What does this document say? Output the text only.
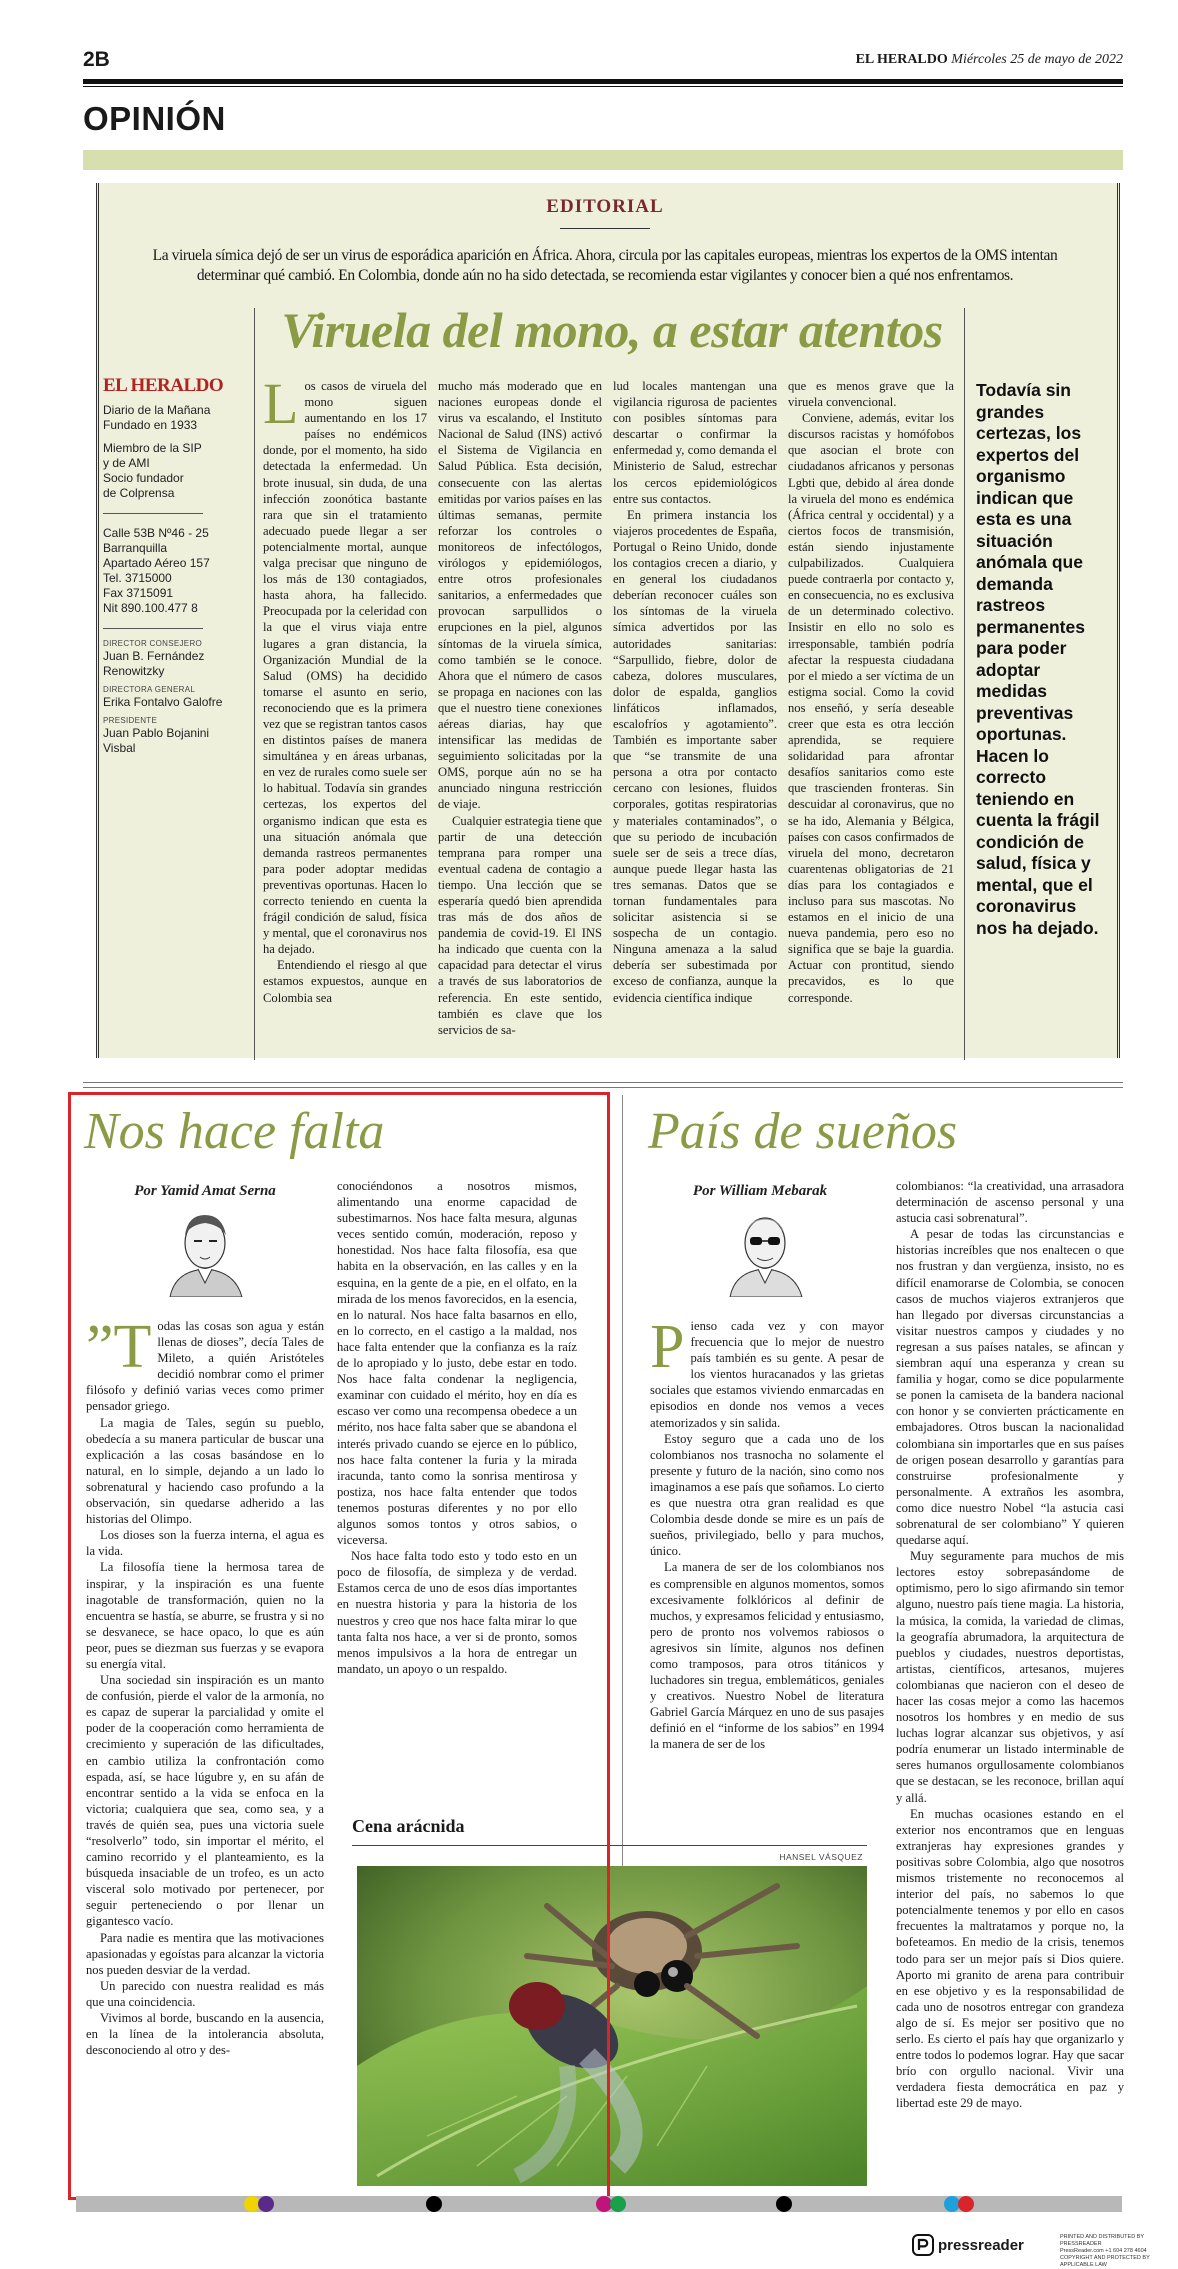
2B	EL HERALDO Miércoles 25 de mayo de 2022
OPINIÓN
EDITORIAL
La viruela símica dejó de ser un virus de esporádica aparición en África. Ahora, circula por las capitales europeas, mientras los expertos de la OMS intentan determinar qué cambió. En Colombia, donde aún no ha sido detectada, se recomienda estar vigilantes y conocer bien a qué nos enfrentamos.
Viruela del mono, a estar atentos
EL HERALDO
Diario de la Mañana
Fundado en 1933
Miembro de la SIP
y de AMI
Socio fundador
de Colprensa
Calle 53B Nº46 - 25
Barranquilla
Apartado Aéreo 157
Tel. 3715000
Fax 3715091
Nit 890.100.477 8
DIRECTOR CONSEJERO
Juan B. Fernández
Renowitzky
DIRECTORA GENERAL
Erika Fontalvo Galofre
PRESIDENTE
Juan Pablo Bojanini
Visbal
L os casos de viruela del mono siguen aumentando en los 17 países no endémicos donde, por el momento, ha sido detectada la enfermedad. Un brote inusual, sin duda, de una infección zoonótica bastante rara que sin el tratamiento adecuado puede llegar a ser potencialmente mortal, aunque valga precisar que ninguno de los más de 130 contagiados, hasta ahora, ha fallecido. Preocupada por la celeridad con la que el virus viaja entre lugares a gran distancia, la Organización Mundial de la Salud (OMS) ha decidido tomarse el asunto en serio, reconociendo que es la primera vez que se registran tantos casos en distintos países de manera simultánea y en áreas urbanas, en vez de rurales como suele ser lo habitual. Todavía sin grandes certezas, los expertos del organismo indican que esta es una situación anómala que demanda rastreos permanentes para poder adoptar medidas preventivas oportunas. Hacen lo correcto teniendo en cuenta la frágil condición de salud, física y mental, que el coronavirus nos ha dejado.

Entendiendo el riesgo al que estamos expuestos, aunque en Colombia sea

mucho más moderado que en naciones europeas donde el virus va escalando, el Instituto Nacional de Salud (INS) activó el Sistema de Vigilancia en Salud Pública. Esta decisión, consecuente con las alertas emitidas por varios países en las últimas semanas, permite reforzar los controles o monitoreos de infectólogos, virólogos y epidemiólogos, entre otros profesionales sanitarios, a enfermedades que provocan sarpullidos o erupciones en la piel, algunos síntomas de la viruela símica, como también se le conoce. Ahora que el número de casos se propaga en naciones con las que el nuestro tiene conexiones aéreas diarias, hay que intensificar las medidas de seguimiento solicitadas por la OMS, porque aún no se ha anunciado ninguna restricción de viaje.

Cualquier estrategia tiene que partir de una detección temprana para romper una eventual cadena de contagio a tiempo. Una lección que se esperaría quedó bien aprendida tras más de dos años de pandemia de covid-19. El INS ha indicado que cuenta con la capacidad para detectar el virus a través de sus laboratorios de referencia. En este sentido, también es clave que los servicios de sa-

lud locales mantengan una vigilancia rigurosa de pacientes con posibles síntomas para descartar o confirmar la enfermedad y, como demanda el Ministerio de Salud, estrechar los cercos epidemiológicos entre sus contactos.

En primera instancia los viajeros procedentes de España, Portugal o Reino Unido, donde los contagios crecen a diario, y en general los ciudadanos deberían reconocer cuáles son los síntomas de la viruela símica advertidos por las autoridades sanitarias: “Sarpullido, fiebre, dolor de cabeza, dolores musculares, dolor de espalda, ganglios linfáticos inflamados, escalofríos y agotamiento”. También es importante saber que “se transmite de una persona a otra por contacto cercano con lesiones, fluidos corporales, gotitas respiratorias y materiales contaminados”, o que su periodo de incubación suele ser de seis a trece días, aunque puede llegar hasta las tres semanas. Datos que se tornan fundamentales para solicitar asistencia si se sospecha de un contagio. Ninguna amenaza a la salud debería ser subestimada por exceso de confianza, aunque la evidencia científica indique

que es menos grave que la viruela convencional.

Conviene, además, evitar los discursos racistas y homófobos que asocian el brote con ciudadanos africanos y personas Lgbti que, debido al área donde la viruela del mono es endémica (África central y occidental) y a ciertos focos de transmisión, están siendo injustamente culpabilizados. Cualquiera puede contraerla por contacto y, en consecuencia, no es exclusiva de un determinado colectivo. Insistir en ello no solo es irresponsable, también podría afectar la respuesta ciudadana por el miedo a ser víctima de un estigma social. Como la covid nos enseñó, y sería deseable creer que esta es otra lección aprendida, se requiere solidaridad para afrontar desafíos sanitarios como este que trascienden fronteras. Sin descuidar al coronavirus, que no se ha ido, Alemania y Bélgica, países con casos confirmados de viruela del mono, decretaron cuarentenas obligatorias de 21 días para los contagiados e incluso para sus mascotas. No estamos en el inicio de una nueva pandemia, pero eso no significa que se baje la guardia. Actuar con prontitud, siendo precavidos, es lo que corresponde.

Todavía sin grandes certezas, los expertos del organismo indican que esta es una situación anómala que demanda rastreos permanentes para poder adoptar medidas preventivas oportunas. Hacen lo correcto teniendo en cuenta la frágil condición de salud, física y mental, que el coronavirus nos ha dejado.
Nos hace falta
Por Yamid Amat Serna
”T odas las cosas son agua y están llenas de dioses”, decía Tales de Mileto, a quién Aristóteles decidió nombrar como el primer filósofo y definió varias veces como primer pensador griego.

La magia de Tales, según su pueblo, obedecía a su manera particular de buscar una explicación a las cosas basándose en lo natural, en lo simple, dejando a un lado lo sobrenatural y haciendo caso profundo a la observación, sin quedarse adherido a las historias del Olimpo.

Los dioses son la fuerza interna, el agua es la vida.

La filosofía tiene la hermosa tarea de inspirar, y la inspiración es una fuente inagotable de transformación, quien no la encuentra se hastía, se aburre, se frustra y si no se desvanece, se hace opaco, lo que es aún peor, pues se diezman sus fuerzas y se evapora su energía vital.

Una sociedad sin inspiración es un manto de confusión, pierde el valor de la armonía, no es capaz de superar la parcialidad y omite el poder de la cooperación como herramienta de crecimiento y superación de las dificultades, en cambio utiliza la confrontación como espada, así, se hace lúgubre y, en su afán de encontrar sentido a la vida se enfoca en la victoria; cualquiera que sea, como sea, y a través de quién sea, pues una victoria suele “resolverlo” todo, sin importar el mérito, el camino recorrido y el planteamiento, es la búsqueda insaciable de un trofeo, es un acto visceral solo motivado por pertenecer, por seguir perteneciendo o por llenar un gigantesco vacío.

Para nadie es mentira que las motivaciones apasionadas y egoístas para alcanzar la victoria nos pueden desviar de la verdad.

Un parecido con nuestra realidad es más que una coincidencia.

Vivimos al borde, buscando en la ausencia, en la línea de la intolerancia absoluta, desconociendo al otro y des-

conociéndonos a nosotros mismos, alimentando una enorme capacidad de subestimarnos. Nos hace falta mesura, algunas veces sentido común, moderación, reposo y honestidad. Nos hace falta filosofía, esa que habita en la observación, en las calles y en la esquina, en la gente de a pie, en el olfato, en la mirada de los menos favorecidos, en la esencia, en lo natural. Nos hace falta basarnos en ello, en lo correcto, en el castigo a la maldad, nos hace falta entender que la confianza es la raíz de lo apropiado y lo justo, debe estar en todo. Nos hace falta condenar la negligencia, examinar con cuidado el mérito, hoy en día es escaso ver como una recompensa obedece a un mérito, nos hace falta saber que se abandona el interés privado cuando se ejerce en lo público, nos hace falta contener la furia y la mirada iracunda, tanto como la sonrisa mentirosa y postiza, nos hace falta entender que todos tenemos posturas diferentes y no por ello algunos somos tontos y otros sabios, o viceversa.

Nos hace falta todo esto y todo esto en un poco de filosofía, de simpleza y de verdad. Estamos cerca de uno de esos días importantes en nuestra historia y para la historia de los nuestros y creo que nos hace falta mirar lo que tanta falta nos hace, a ver si de pronto, somos menos impulsivos a la hora de entregar un mandato, un apoyo o un respaldo.

Cena arácnida
HANSEL VÁSQUEZ
País de sueños
Por William Mebarak
P ienso cada vez y con mayor frecuencia que lo mejor de nuestro país también es su gente. A pesar de los vientos huracanados y las grietas sociales que estamos viviendo enmarcadas en episodios en donde nos vemos a veces atemorizados y sin salida.

Estoy seguro que a cada uno de los colombianos nos trasnocha no solamente el presente y futuro de la nación, sino como nos imaginamos a ese país que soñamos. Lo cierto es que nuestra otra gran realidad es que Colombia desde donde se mire es un país de sueños, privilegiado, bello y para muchos, único.

La manera de ser de los colombianos nos es comprensible en algunos momentos, somos excesivamente folklóricos al definir de muchos, y expresamos felicidad y entusiasmo, pero de pronto nos volvemos rabiosos o agresivos sin límite, algunos nos definen como tramposos, para otros titánicos y luchadores sin tregua, emblemáticos, geniales y creativos. Nuestro Nobel de literatura Gabriel García Márquez en uno de sus pasajes definió en el “informe de los sabios” en 1994 la manera de ser de los

colombianos: “la creatividad, una arrasadora determinación de ascenso personal y una astucia casi sobrenatural”.

A pesar de todas las circunstancias e historias increíbles que nos enaltecen o que nos frustran y dan vergüenza, insisto, no es difícil enamorarse de Colombia, se conocen casos de muchos viajeros extranjeros que han llegado por diversas circunstancias a visitar nuestros campos y ciudades y no regresan a sus países natales, se afincan y siembran aquí una esperanza y crean su familia y hogar, como se dice popularmente se ponen la camiseta de la bandera nacional con honor y se convierten prácticamente en embajadores. Otros buscan la nacionalidad colombiana sin importarles que en sus países de origen posean desarrollo y garantías para construirse profesionalmente y personalmente. A extraños les asombra, como dice nuestro Nobel “la astucia casi sobrenatural de ser colombiano” Y quieren quedarse aquí.

Muy seguramente para muchos de mis lectores estoy sobrepasándome de optimismo, pero lo sigo afirmando sin temor alguno, nuestro país tiene magia. La historia, la música, la comida, la variedad de climas, la geografía abrumadora, la arquitectura de pueblos y ciudades, nuestros deportistas, artistas, científicos, artesanos, mujeres colombianas que nacieron con el deseo de hacer las cosas mejor a como las hacemos nosotros los hombres y en medio de sus luchas lograr alcanzar sus objetivos, y así podría enumerar un listado interminable de seres humanos orgullosamente colombianos que se destacan, se les reconoce, brillan aquí y allá.

En muchas ocasiones estando en el exterior nos encontramos que en lenguas extranjeras hay expresiones grandes y positivas sobre Colombia, algo que nosotros mismos tristemente no reconocemos al interior del país, no sabemos lo que potencialmente tenemos y por ello en casos frecuentes la maltratamos y porque no, la bofeteamos. En medio de la crisis, tenemos todo para ser un mejor país si Dios quiere. Aporto mi granito de arena para contribuir en ese objetivo y es la responsabilidad de cada uno de nosotros entregar con grandeza algo de sí. Es mejor ser positivo que no serlo. Es cierto el país hay que organizarlo y entre todos lo podemos lograr. Hay que sacar brío con orgullo nacional. Vivir una verdadera fiesta democrática en paz y libertad este 29 de mayo.

pressreader	PRINTED AND DISTRIBUTED BY PRESSREADER
PressReader.com +1 604 278 4604
COPYRIGHT AND PROTECTED BY APPLICABLE LAW
